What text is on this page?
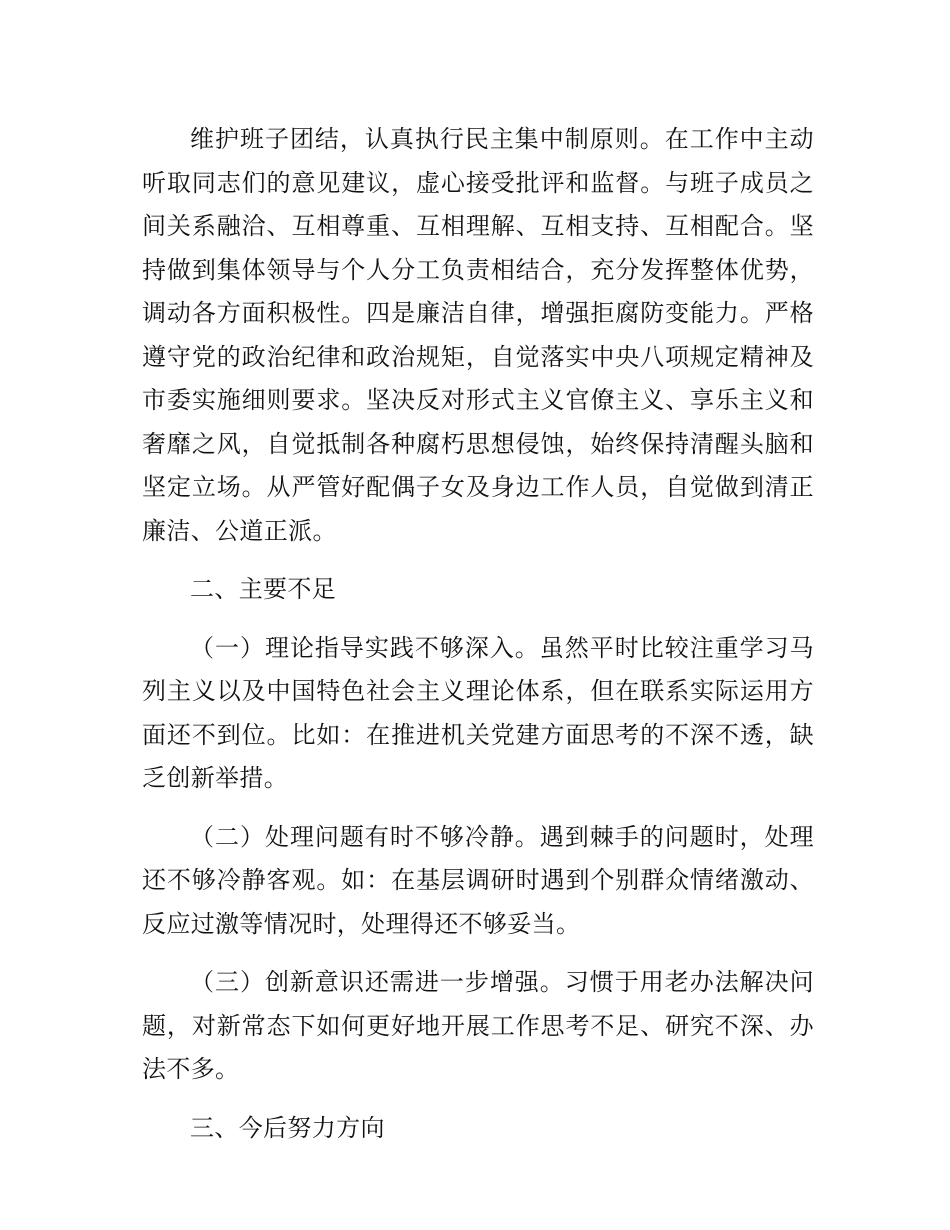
维护班子团结，认真执行民主集中制原则。在工作中主动听取同志们的意见建议，虚心接受批评和监督。与班子成员之间关系融洽、互相尊重、互相理解、互相支持、互相配合。坚持做到集体领导与个人分工负责相结合，充分发挥整体优势，调动各方面积极性。四是廉洁自律，增强拒腐防变能力。严格遵守党的政治纪律和政治规矩，自觉落实中央八项规定精神及市委实施细则要求。坚决反对形式主义官僚主义、享乐主义和奢靡之风，自觉抵制各种腐朽思想侵蚀，始终保持清醒头脑和坚定立场。从严管好配偶子女及身边工作人员，自觉做到清正廉洁、公道正派。

二、主要不足

（一）理论指导实践不够深入。虽然平时比较注重学习马列主义以及中国特色社会主义理论体系，但在联系实际运用方面还不到位。比如：在推进机关党建方面思考的不深不透，缺乏创新举措。

（二）处理问题有时不够冷静。遇到棘手的问题时，处理还不够冷静客观。如：在基层调研时遇到个别群众情绪激动、反应过激等情况时，处理得还不够妥当。

（三）创新意识还需进一步增强。习惯于用老办法解决问题，对新常态下如何更好地开展工作思考不足、研究不深、办法不多。

三、今后努力方向
